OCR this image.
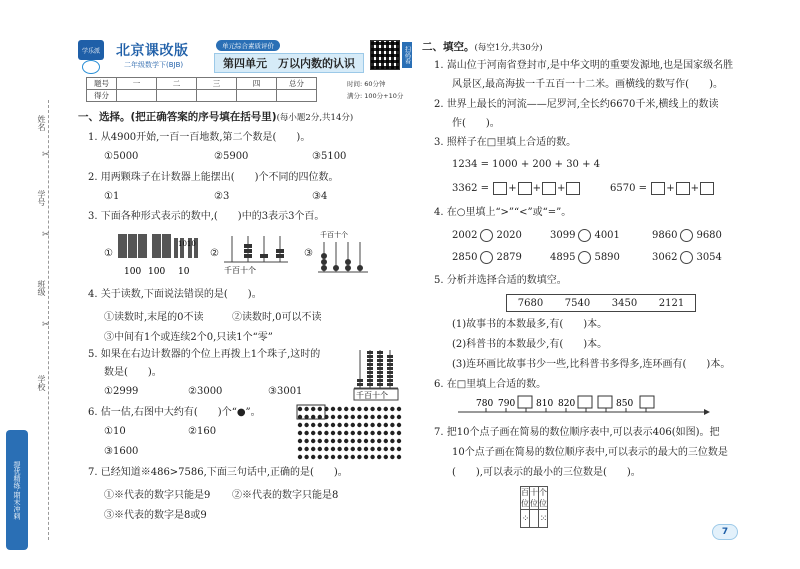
姓名
✂
学号
✂
班级
✂
学校
提优精练·期末冲刺
学乐派 北京课改版
二年级数学下(BJB)
单元综合素质评价
第四单元　万以内数的认识	扫码看
题号	一	二	三	四	总分
得分					
时间: 60分钟
满分: 100分+10分
一、选择。(把正确答案的序号填在括号里)(每小题2分,共14分)
1. 从4900开始,一百一百地数,第二个数是(　　)。
①5000	②5900	③5100
2. 用两颗珠子在计数器上能摆出(　　)个不同的四位数。
①1	②3	③4
3. 下面各种形式表示的数中,(　　)中的3表示3个百。
①
100 100
1010
10
②
千百十个
③
千百十个
4. 关于读数,下面说法错误的是(　　)。
①读数时,末尾的0不读	②读数时,0可以不读
③中间有1个或连续2个0,只读1个“零”
5. 如果在右边计数器的个位上再拨上1个珠子,这时的
数是(　　)。
①2999	②3000	③3001	千百十个
6. 估一估,右图中大约有(　　)个“●”。
①10	②160
③1600
7. 已经知道※486>7586,下面三句话中,正确的是(　　)。
①※代表的数字只能是9 ②※代表的数字只能是8
③※代表的数字是8或9
二、填空。(每空1分,共30分)
1. 嵩山位于河南省登封市,是中华文明的重要发源地,也是国家级名胜
风景区,最高海拔一千五百一十二米。画横线的数写作(　　)。
2. 世界上最长的河流——尼罗河,全长约6670千米,横线上的数读
作(　　)。
3. 照样子在□里填上合适的数。
1234 = 1000 + 200 + 30 + 4
3362 = + + +	6570 = + +
4. 在○里填上“>”“<”或“=”。
2002 2020	3099 4001	9860 9680
2850 2879	4895 5890	3062 3054
5. 分析并选择合适的数填空。
7680 7540 3450 2121
(1)故事书的本数最多,有(　　)本。
(2)科普书的本数最少,有(　　)本。
(3)连环画比故事书少一些,比科普书多得多,连环画有(　　)本。
6. 在□里填上合适的数。
780 790 810 820	850
7. 把10个点子画在简易的数位顺序表中,可以表示406(如图)。把
10个点子画在简易的数位顺序表中,可以表示的最大的三位数是
(　　),可以表示的最小的三位数是(　　)。
百位	十位	个位
⁘		⁙
7
